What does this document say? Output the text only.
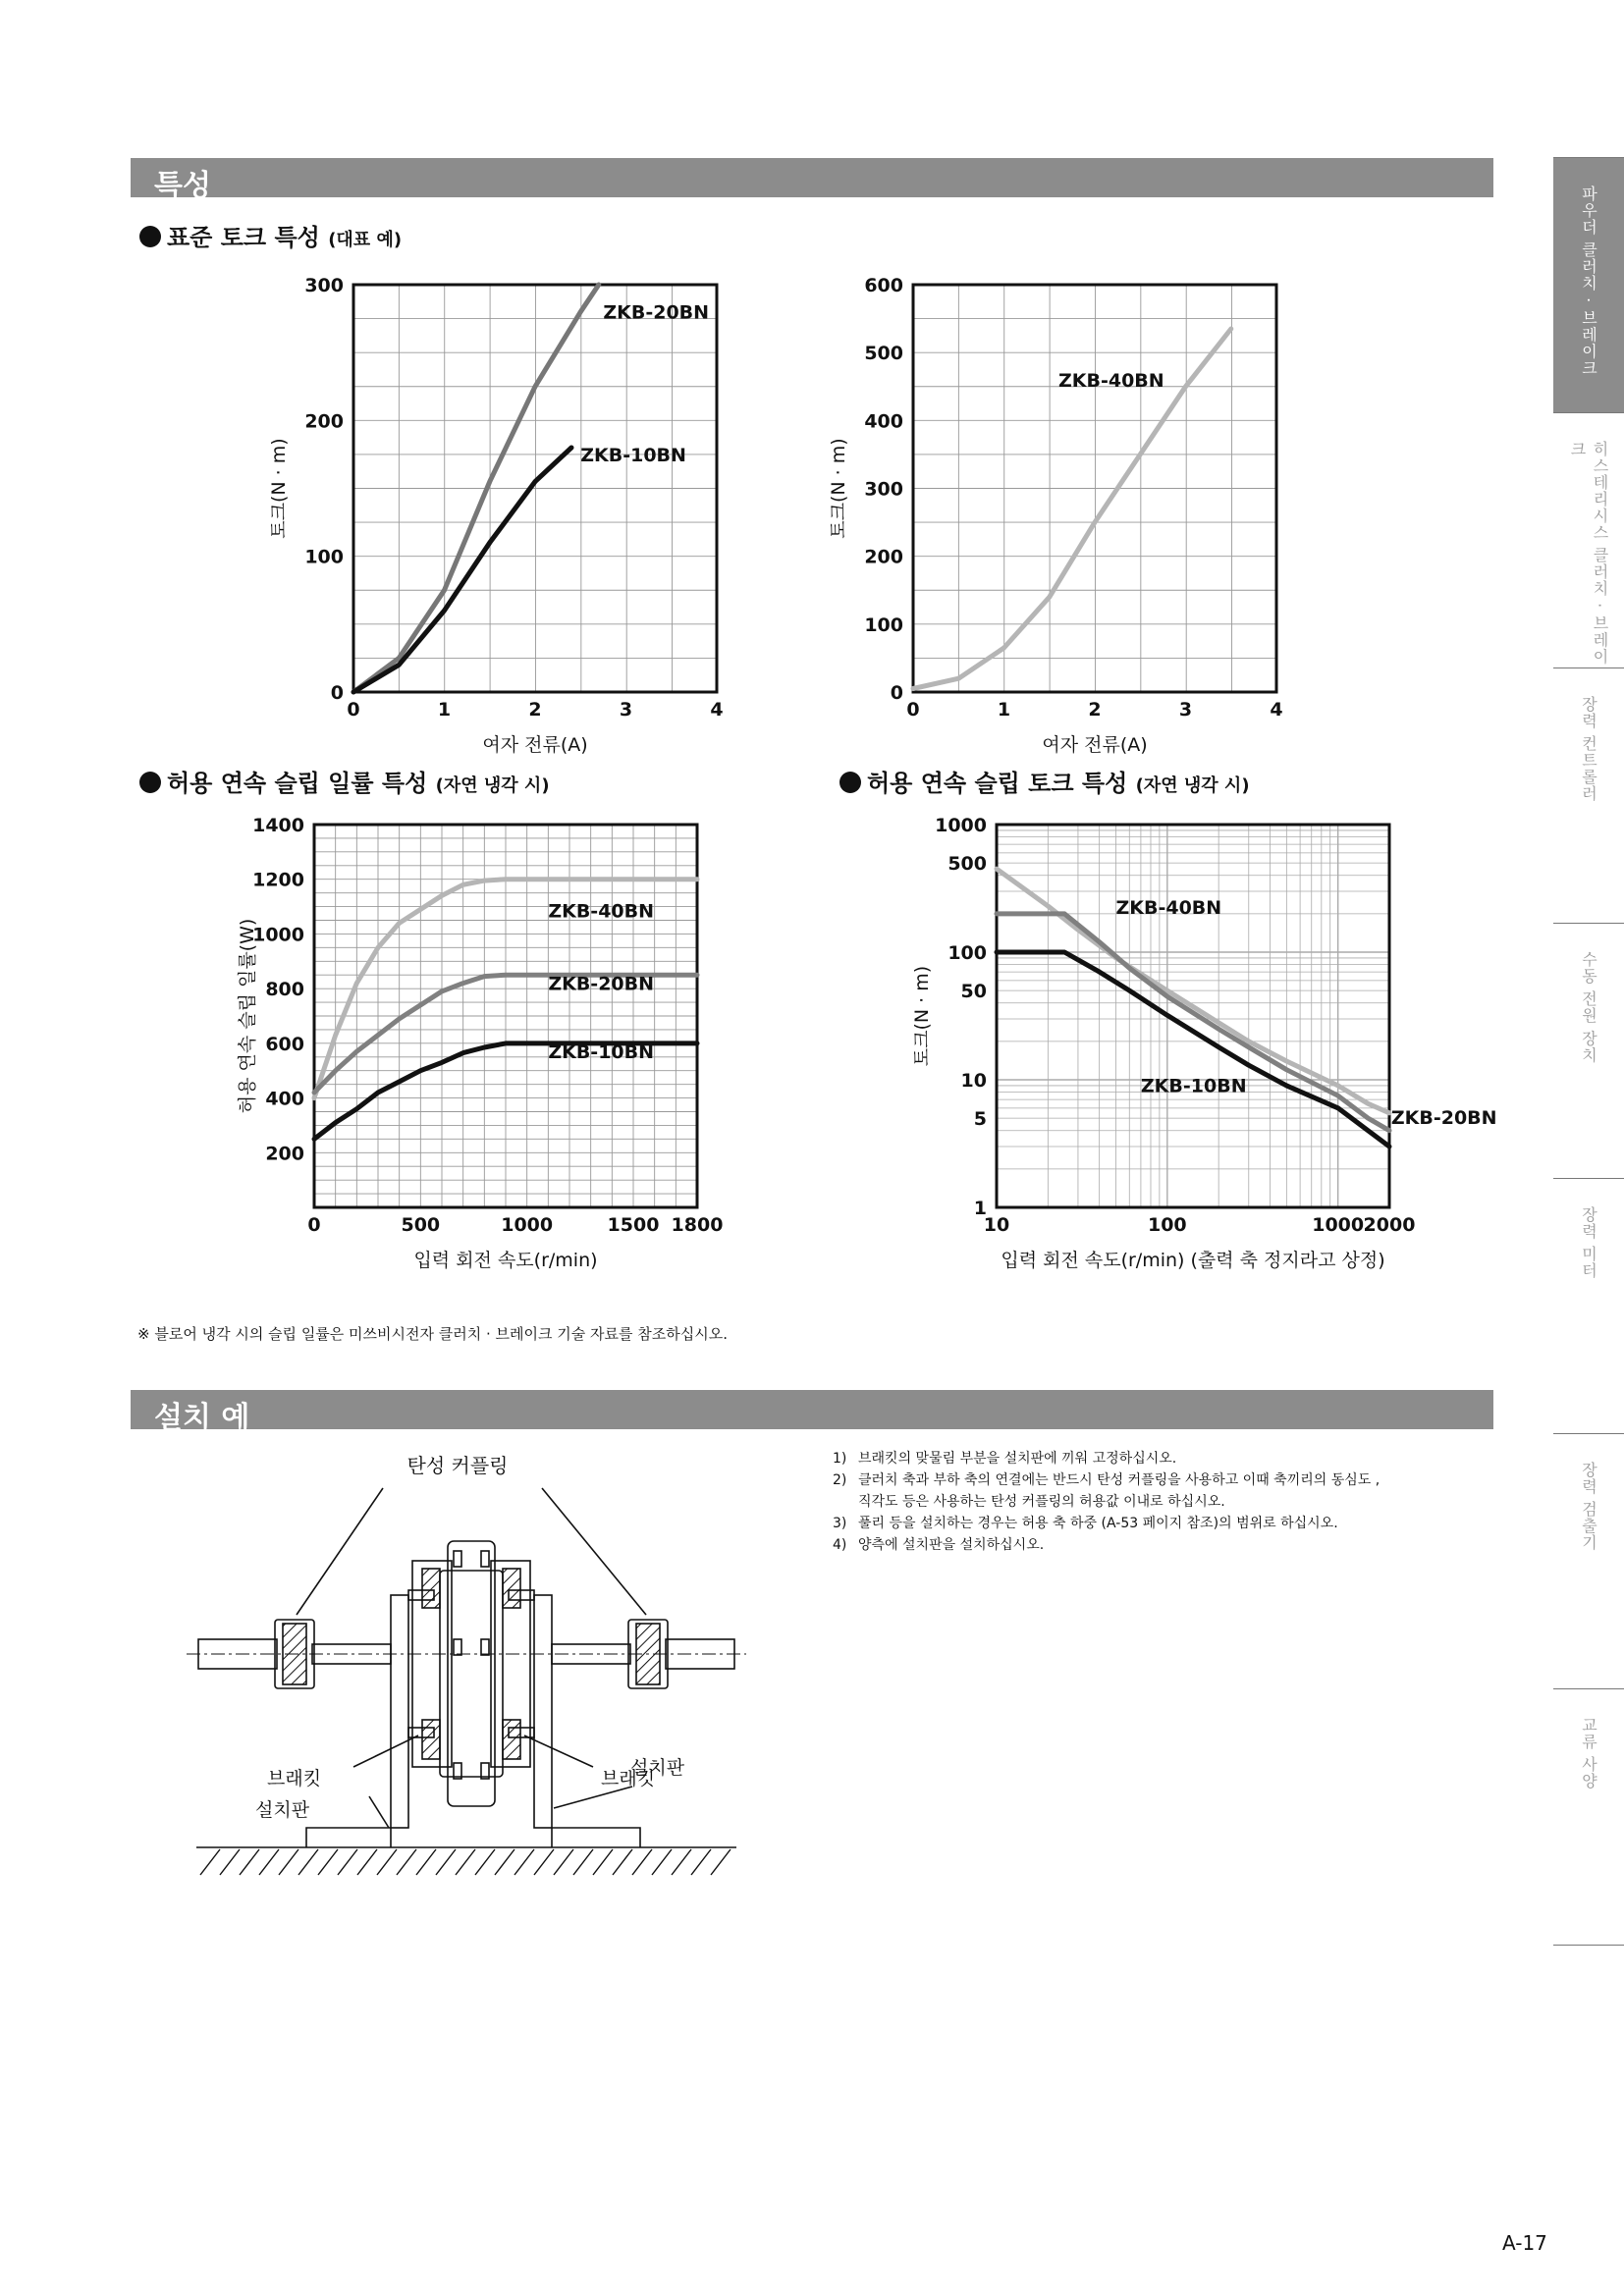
특성
표준 토크 특성 (대표 예)
0	1	2	3	4
0
100
200
300
여자 전류(A)
토크(N · m)
ZKB-20BN
ZKB-10BN
0	1	2	3	4
0
100
200
300
400
500
600
여자 전류(A)
토크(N · m)
ZKB-40BN
허용 연속 슬립 일률 특성 (자연 냉각 시)	허용 연속 슬립 토크 특성 (자연 냉각 시)
0	500	1000	1500 1800
200
400
600
800
1000
1200
1400
입력 회전 속도(r/min)
허용 연속 슬립 일률(W)
ZKB-40BN
ZKB-20BN
ZKB-10BN
10	100	1000 2000
1
5
10
50
100
500
1000
입력 회전 속도(r/min) (출력 축 정지라고 상정)
토크(N · m)
ZKB-40BN
ZKB-10BN
ZKB-20BN
※ 블로어 냉각 시의 슬립 일률은 미쓰비시전자 클러치 · 브레이크 기술 자료를 참조하십시오.
설치 예
탄성 커플링
브래킷	브래킷
설치판
설치판
1) 브래킷의 맞물림 부분을 설치판에 끼워 고정하십시오.
2) 클러치 축과 부하 축의 연결에는 반드시 탄성 커플링을 사용하고 이때 축끼리의 동심도 ,
직각도 등은 사용하는 탄성 커플링의 허용값 이내로 하십시오.
3) 풀리 등을 설치하는 경우는 허용 축 하중 (A-53 페이지 참조)의 범위로 하십시오.
4) 양측에 설치판을 설치하십시오.
파우더 클러치 · 브레이크
히스테리시스 클러치 · 브레이크
장력 컨트롤러
수동 전원 장치
장력 미터
장력 검출기
교류 사양
A-17
